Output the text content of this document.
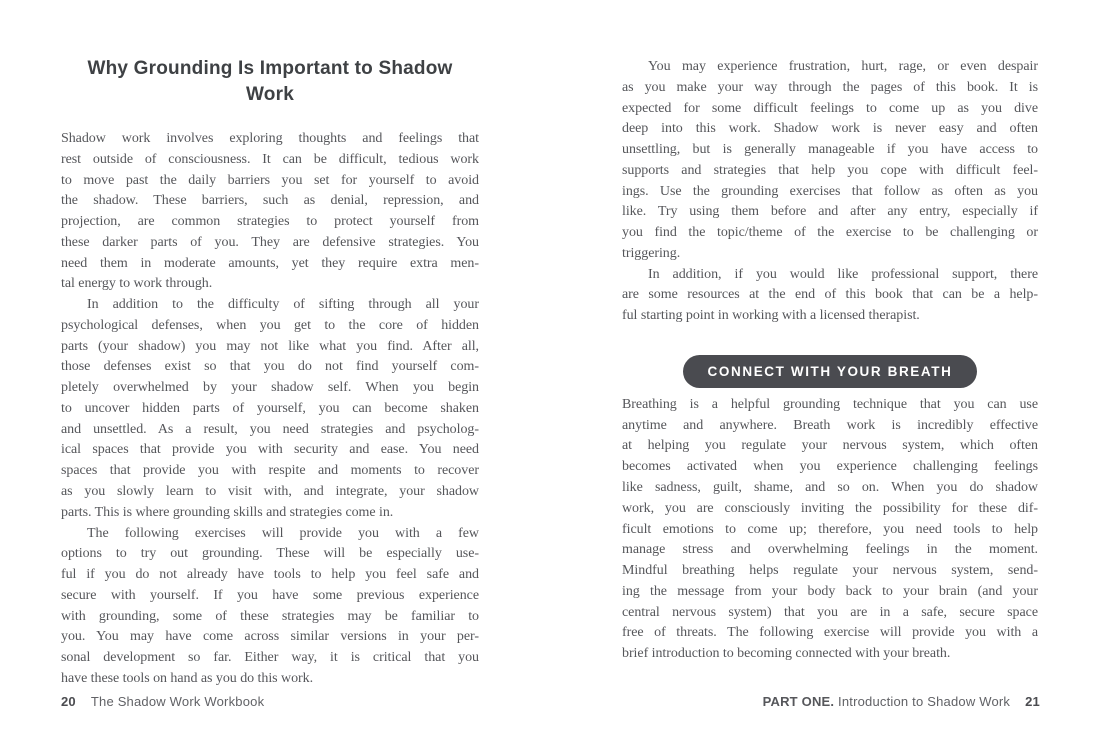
Why Grounding Is Important to Shadow Work
Shadow work involves exploring thoughts and feelings that
rest outside of consciousness. It can be difficult, tedious work
to move past the daily barriers you set for yourself to avoid
the shadow. These barriers, such as denial, repression, and
projection, are common strategies to protect yourself from
these darker parts of you. They are defensive strategies. You
need them in moderate amounts, yet they require extra men-
tal energy to work through.
In addition to the difficulty of sifting through all your
psychological defenses, when you get to the core of hidden
parts (your shadow) you may not like what you find. After all,
those defenses exist so that you do not find yourself com-
pletely overwhelmed by your shadow self. When you begin
to uncover hidden parts of yourself, you can become shaken
and unsettled. As a result, you need strategies and psycholog-
ical spaces that provide you with security and ease. You need
spaces that provide you with respite and moments to recover
as you slowly learn to visit with, and integrate, your shadow
parts. This is where grounding skills and strategies come in.
The following exercises will provide you with a few
options to try out grounding. These will be especially use-
ful if you do not already have tools to help you feel safe and
secure with yourself. If you have some previous experience
with grounding, some of these strategies may be familiar to
you. You may have come across similar versions in your per-
sonal development so far. Either way, it is critical that you
have these tools on hand as you do this work.
You may experience frustration, hurt, rage, or even despair
as you make your way through the pages of this book. It is
expected for some difficult feelings to come up as you dive
deep into this work. Shadow work is never easy and often
unsettling, but is generally manageable if you have access to
supports and strategies that help you cope with difficult feel-
ings. Use the grounding exercises that follow as often as you
like. Try using them before and after any entry, especially if
you find the topic/theme of the exercise to be challenging or
triggering.
In addition, if you would like professional support, there
are some resources at the end of this book that can be a help-
ful starting point in working with a licensed therapist.
CONNECT WITH YOUR BREATH
Breathing is a helpful grounding technique that you can use
anytime and anywhere. Breath work is incredibly effective
at helping you regulate your nervous system, which often
becomes activated when you experience challenging feelings
like sadness, guilt, shame, and so on. When you do shadow
work, you are consciously inviting the possibility for these dif-
ficult emotions to come up; therefore, you need tools to help
manage stress and overwhelming feelings in the moment.
Mindful breathing helps regulate your nervous system, send-
ing the message from your body back to your brain (and your
central nervous system) that you are in a safe, secure space
free of threats. The following exercise will provide you with a
brief introduction to becoming connected with your breath.
20 The Shadow Work Workbook	PART ONE. Introduction to Shadow Work 21
